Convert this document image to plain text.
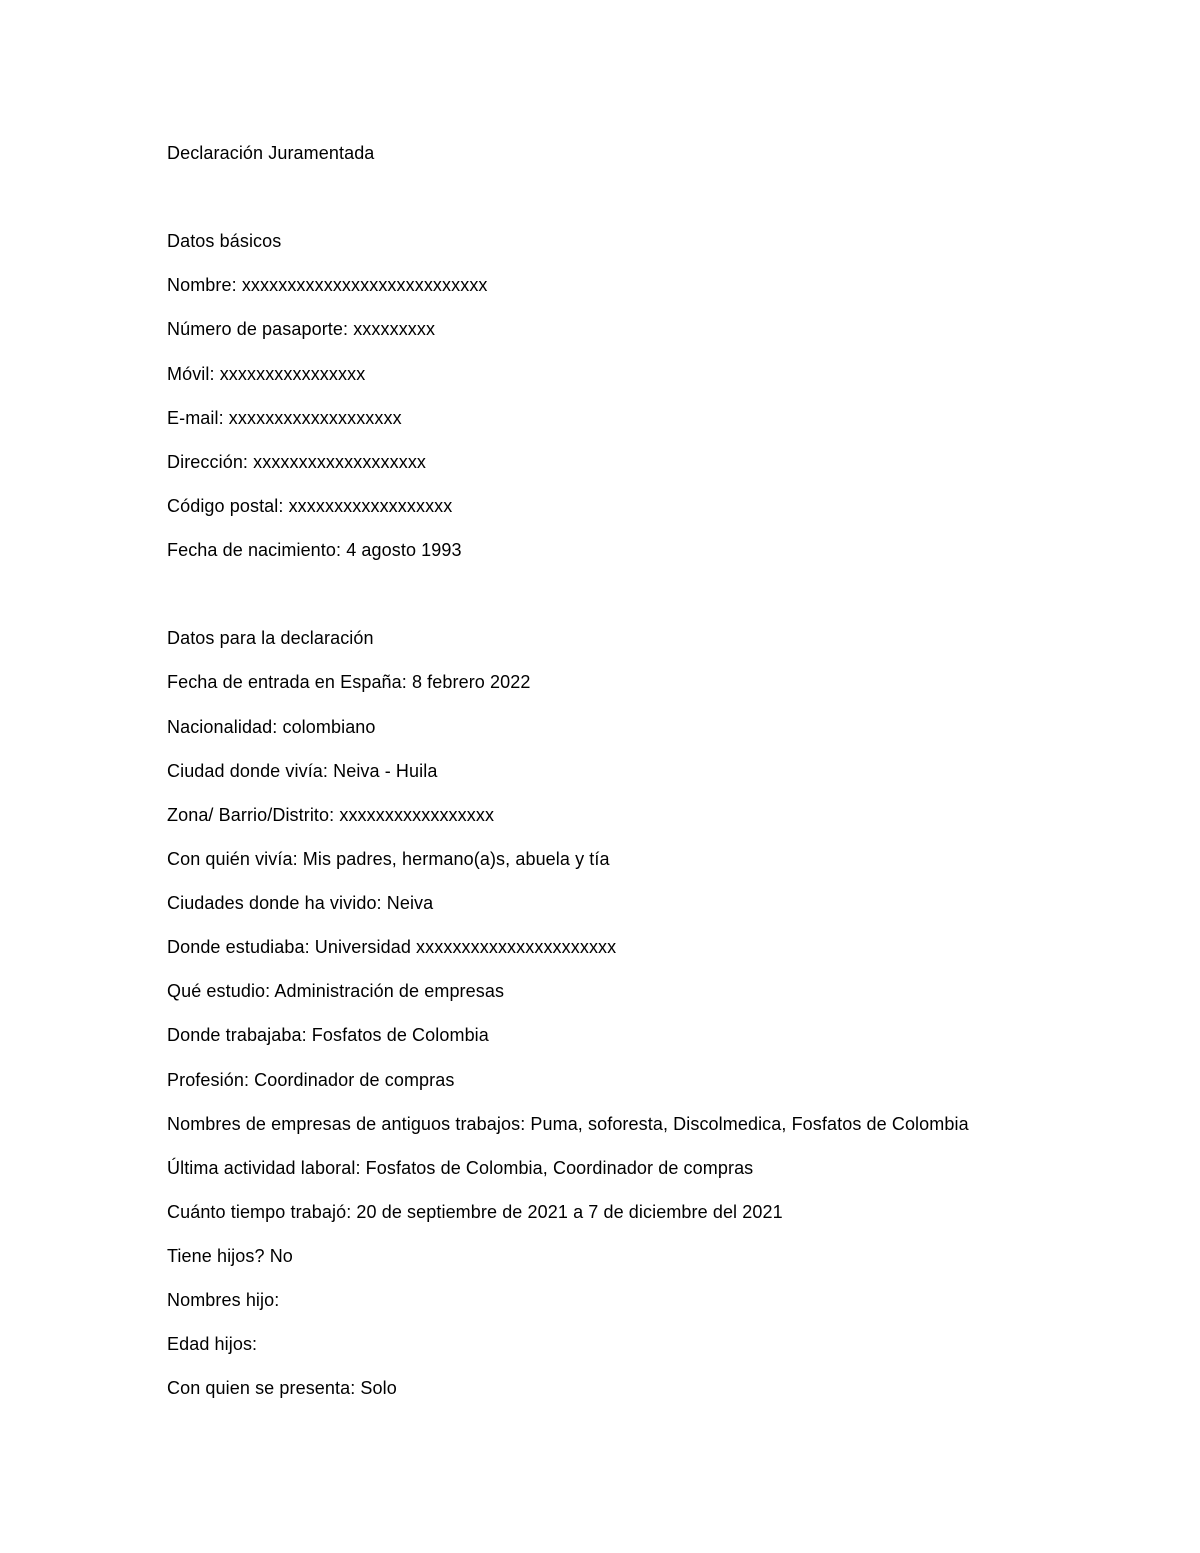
Declaración Juramentada
Datos básicos
Nombre: xxxxxxxxxxxxxxxxxxxxxxxxxxx
Número de pasaporte: xxxxxxxxx
Móvil: xxxxxxxxxxxxxxxx
E-mail: xxxxxxxxxxxxxxxxxxx
Dirección: xxxxxxxxxxxxxxxxxxx
Código postal: xxxxxxxxxxxxxxxxxx
Fecha de nacimiento: 4 agosto 1993
Datos para la declaración
Fecha de entrada en España: 8 febrero 2022
Nacionalidad: colombiano
Ciudad donde vivía: Neiva - Huila
Zona/ Barrio/Distrito: xxxxxxxxxxxxxxxxx
Con quién vivía: Mis padres, hermano(a)s, abuela y tía
Ciudades donde ha vivido: Neiva
Donde estudiaba: Universidad xxxxxxxxxxxxxxxxxxxxxx
Qué estudio: Administración de empresas
Donde trabajaba: Fosfatos de Colombia
Profesión: Coordinador de compras
Nombres de empresas de antiguos trabajos: Puma, soforesta, Discolmedica, Fosfatos de Colombia
Última actividad laboral: Fosfatos de Colombia, Coordinador de compras
Cuánto tiempo trabajó: 20 de septiembre de 2021 a 7 de diciembre del 2021
Tiene hijos? No
Nombres hijo:
Edad hijos:
Con quien se presenta: Solo
